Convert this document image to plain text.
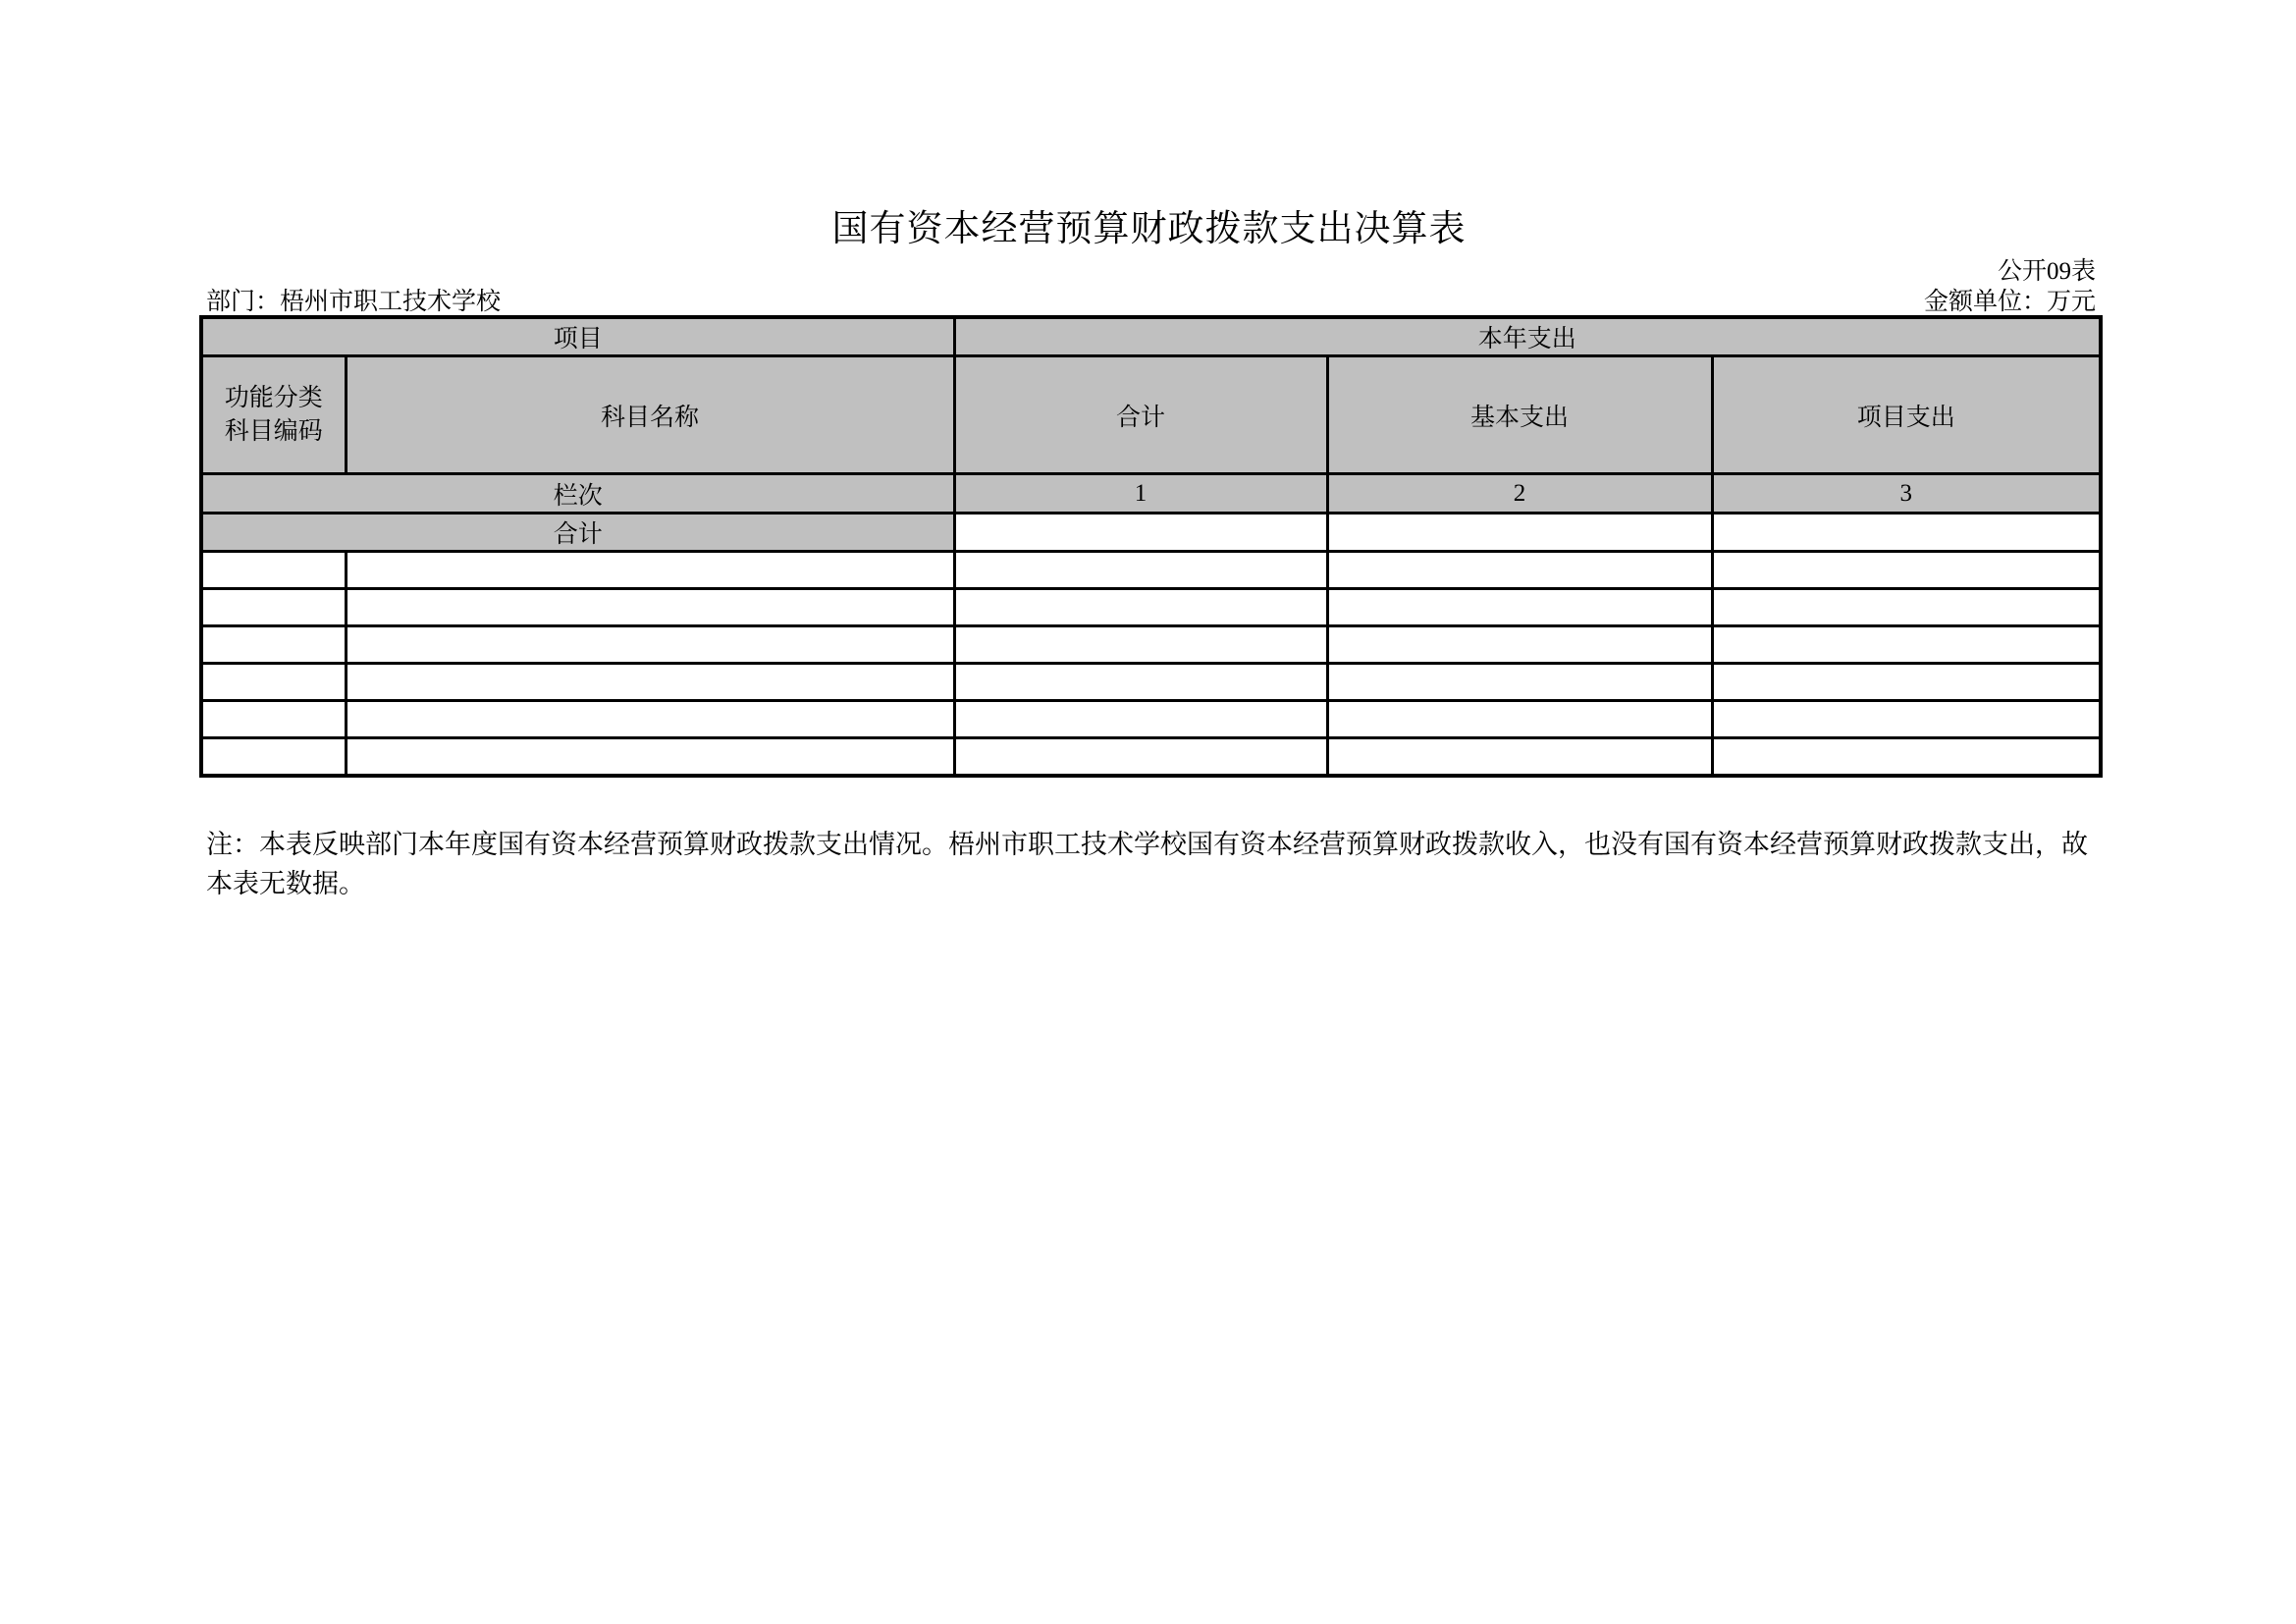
国有资本经营预算财政拨款支出决算表
公开09表
部门：梧州市职工技术学校	金额单位：万元
项目		本年支出		

功能分类
科目编码	科目名称	合计	基本支出	项目支出
栏次		1	2	3
合计				

注：本表反映部门本年度国有资本经营预算财政拨款支出情况。梧州市职工技术学校国有资本经营预算财政拨款收入，也没有国有资本经营预算财政拨款支出，故本表无数据。
